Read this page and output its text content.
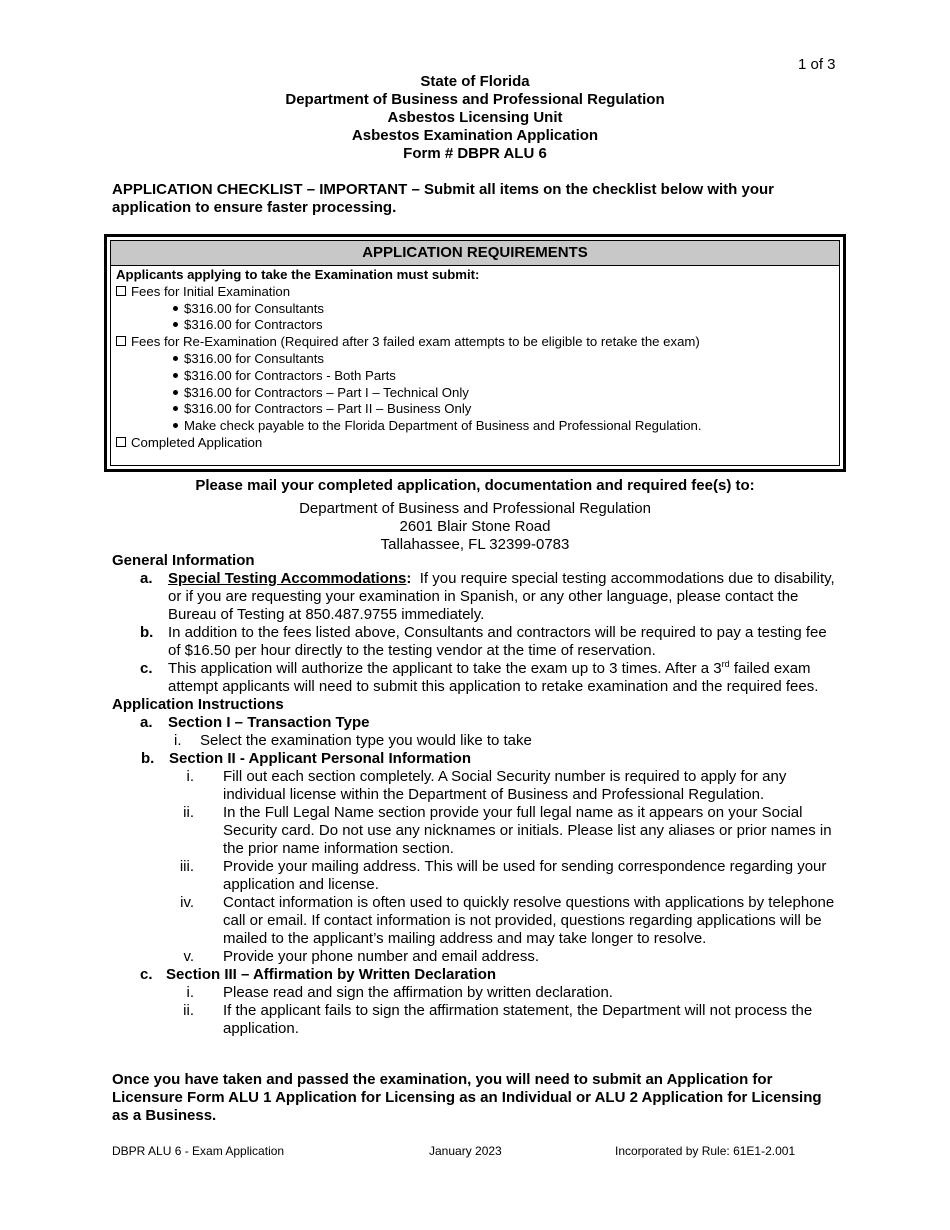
1 of 3
State of Florida
Department of Business and Professional Regulation
Asbestos Licensing Unit
Asbestos Examination Application
Form # DBPR ALU 6
APPLICATION CHECKLIST – IMPORTANT – Submit all items on the checklist below with your application to ensure faster processing.
APPLICATION REQUIREMENTS
Applicants applying to take the Examination must submit:
Fees for Initial Examination
$316.00 for Consultants
$316.00 for Contractors
Fees for Re-Examination (Required after 3 failed exam attempts to be eligible to retake the exam)
$316.00 for Consultants
$316.00 for Contractors - Both Parts
$316.00 for Contractors – Part I – Technical Only
$316.00 for Contractors – Part II – Business Only
Make check payable to the Florida Department of Business and Professional Regulation.
Completed Application
Please mail your completed application, documentation and required fee(s) to:
Department of Business and Professional Regulation
2601 Blair Stone Road
Tallahassee, FL 32399-0783
General Information
a. Special Testing Accommodations: If you require special testing accommodations due to disability, or if you are requesting your examination in Spanish, or any other language, please contact the Bureau of Testing at 850.487.9755 immediately.
b. In addition to the fees listed above, Consultants and contractors will be required to pay a testing fee of $16.50 per hour directly to the testing vendor at the time of reservation.
c. This application will authorize the applicant to take the exam up to 3 times. After a 3rd failed exam attempt applicants will need to submit this application to retake examination and the required fees.
Application Instructions
a. Section I – Transaction Type
i. Select the examination type you would like to take
b. Section II - Applicant Personal Information
i. Fill out each section completely. A Social Security number is required to apply for any individual license within the Department of Business and Professional Regulation.
ii. In the Full Legal Name section provide your full legal name as it appears on your Social Security card. Do not use any nicknames or initials. Please list any aliases or prior names in the prior name information section.
iii. Provide your mailing address. This will be used for sending correspondence regarding your application and license.
iv. Contact information is often used to quickly resolve questions with applications by telephone call or email. If contact information is not provided, questions regarding applications will be mailed to the applicant’s mailing address and may take longer to resolve.
v. Provide your phone number and email address.
c. Section III – Affirmation by Written Declaration
i. Please read and sign the affirmation by written declaration.
ii. If the applicant fails to sign the affirmation statement, the Department will not process the application.
Once you have taken and passed the examination, you will need to submit an Application for Licensure Form ALU 1 Application for Licensing as an Individual or ALU 2 Application for Licensing as a Business.
DBPR ALU 6 - Exam Application	January 2023	Incorporated by Rule: 61E1-2.001
